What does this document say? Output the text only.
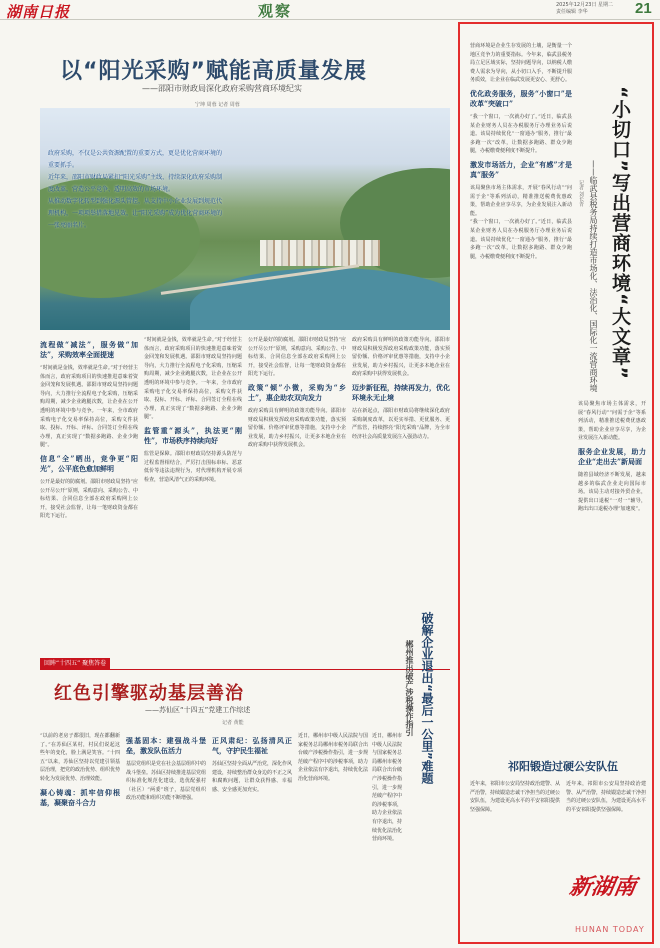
湖南日报	观察	2025年12月23日 星期二
责任编辑 李华	21
以“阳光采购”赋能高质量发展
——邵阳市财政局深化政府采购营商环境纪实
宁坤 周蓉 记者 周蓉

政府采购，不仅是公共资源配置的重要方式，更是优化营商环境的重要抓手。

近年来，邵阳市财政局紧扣“阳光采购”主线，持续深化政府采购制度改革，营造公平竞争、透明高效的市场环境。

从推动数字化转型到强化源头管控，从支持中小企业发展到规范代理机构，一项项举措落地见效，让“阳光采购”成为优化营商环境的一张亮丽名片。

流程做“减法”，服务做“加法”，采购效率全面提速
“时间就是金钱，效率就是生命。”对于经营主体而言，政府采购项目的快速推进意味着资金回笼和发展机遇。邵阳市财政局坚持问题导向，大力推行全流程电子化采购，压缩采购周期，减少企业跑腿次数，让企业在公开透明的环境中参与竞争。一年来，全市政府采购电子化交易率保持高位，采购文件获取、投标、开标、评标、合同签订全程在线办理，真正实现了“数据多跑路、企业少跑腿”。
信息“全”晒出，竞争更“阳光”，公平底色愈加鲜明
公开是最好的防腐剂。邵阳市财政局坚持“应公开尽公开”原则，采购意向、采购公告、中标结果、合同信息全部在政府采购网上公开，接受社会监督，让每一笔财政资金都在阳光下运行。
“时间就是金钱，效率就是生命。”对于经营主体而言，政府采购项目的快速推进意味着资金回笼和发展机遇。邵阳市财政局坚持问题导向，大力推行全流程电子化采购，压缩采购周期，减少企业跑腿次数，让企业在公开透明的环境中参与竞争。一年来，全市政府采购电子化交易率保持高位，采购文件获取、投标、开标、评标、合同签订全程在线办理，真正实现了“数据多跑路、企业少跑腿”。
监管重“源头”，执法更“刚性”，市场秩序持续向好
监管是保障。邵阳市财政局坚持源头防范与过程监督相结合，严厉打击围标串标、恶意低价等违法违规行为，对代理机构开展专项检查，营造风清气正的采购环境。
公开是最好的防腐剂。邵阳市财政局坚持“应公开尽公开”原则，采购意向、采购公告、中标结果、合同信息全部在政府采购网上公开，接受社会监督，让每一笔财政资金都在阳光下运行。
政策“倾”小微，采购为“乡土”，惠企助农双向发力
政府采购具有鲜明的政策功能导向。邵阳市财政局积极发挥政府采购政策功能，落实预留份额、价格评审优惠等措施，支持中小企业发展，助力乡村振兴，让更多本地企业在政府采购中获得发展机会。
政府采购具有鲜明的政策功能导向。邵阳市财政局积极发挥政府采购政策功能，落实预留份额、价格评审优惠等措施，支持中小企业发展，助力乡村振兴，让更多本地企业在政府采购中获得发展机会。
迈步新征程，持续再发力，优化环境永无止境
站在新起点，邵阳市财政局将继续深化政府采购制度改革，以更实举措、更优服务、更严监管，持续擦亮“阳光采购”品牌，为全市经济社会高质量发展注入强劲动力。
回眸“十四五” 聚焦答卷
红色引擎驱动基层善治
——苏仙区“十四五”党建工作综述
记者 黄能
“以前的老房子都很旧，现在都翻新了。”在苏仙区某村，村民们说起这些年的变化，脸上满是笑容。“十四五”以来，苏仙区坚持以党建引领基层治理，把党的政治优势、组织优势转化为发展优势、治理效能。
凝心铸魂：抓牢信仰根基，凝聚奋斗合力
强基固本：建强战斗堡垒，激发队伍活力
基层党组织是党在社会基层组织中的战斗堡垒。苏仙区持续推进基层党组织标准化规范化建设，选优配强村（社区）“两委”班子，基层党组织政治功能和组织功能不断增强。
正风肃纪：弘扬清风正气，守护民生福祉
苏仙区坚持全面从严治党，深化作风建设，持续整治群众身边的不正之风和腐败问题，让群众获得感、幸福感、安全感更加充实。
近日，郴州市中级人民法院与国家税务总局郴州市税务局联合出台破产涉税操作指引，进一步规范破产程序中的涉税事项，助力企业依法有序退出，持续优化法治化营商环境。	破解企业退出“最后一公里”难题
郴州推出破产涉税操作指引
近日，郴州市中级人民法院与国家税务总局郴州市税务局联合出台破产涉税操作指引，进一步规范破产程序中的涉税事项，助力企业依法有序退出，持续优化法治化营商环境。
“小切口”写出营商环境“大文章”
——临武县税务局持续打造市场化、法治化、国际化一流营商环境
记者 刘长青
营商环境是企业生存发展的土壤，是衡量一个地区竞争力的重要指标。今年来，临武县税务局立足区域实际，坚持问题导向，以纳税人缴费人需求为导向，从小切口入手，不断提升服务质效，让企业在临武发展更安心、更舒心。
优化政务服务，服务“小窗口”是改革“突破口”
“我一个窗口，一次就办好了。”近日，临武县某企业财务人员在办税服务厅办理业务后说道。该局持续优化“一窗通办”服务，推行“最多跑一次”改革，让数据多跑路、群众少跑腿，办税缴费便利度不断提升。
激发市场活力，企业“有感”才是真“服务”
该局聚焦市场主体需求，开展“春风行动”“问需于企”等系列活动，精准推送税费优惠政策，帮助企业应享尽享，为企业发展注入新动能。
“我一个窗口，一次就办好了。”近日，临武县某企业财务人员在办税服务厅办理业务后说道。该局持续优化“一窗通办”服务，推行“最多跑一次”改革，让数据多跑路、群众少跑腿，办税缴费便利度不断提升。
该局聚焦市场主体需求，开展“春风行动”“问需于企”等系列活动，精准推送税费优惠政策，帮助企业应享尽享，为企业发展注入新动能。
服务企业发展，助力企业“走出去”新局面
随着县域经济不断发展，越来越多的临武企业走向国际市场。该局主动对接外贸企业，提供出口退税“一对一”辅导，跑出出口退税办理“加速度”。
祁阳锻造过硬公安队伍
近年来，祁阳市公安局坚持政治建警、从严治警，持续锻造忠诚干净担当的过硬公安队伍，为建设更高水平的平安祁阳提供坚强保障。
近年来，祁阳市公安局坚持政治建警、从严治警，持续锻造忠诚干净担当的过硬公安队伍，为建设更高水平的平安祁阳提供坚强保障。
新湖南
HUNAN TODAY
